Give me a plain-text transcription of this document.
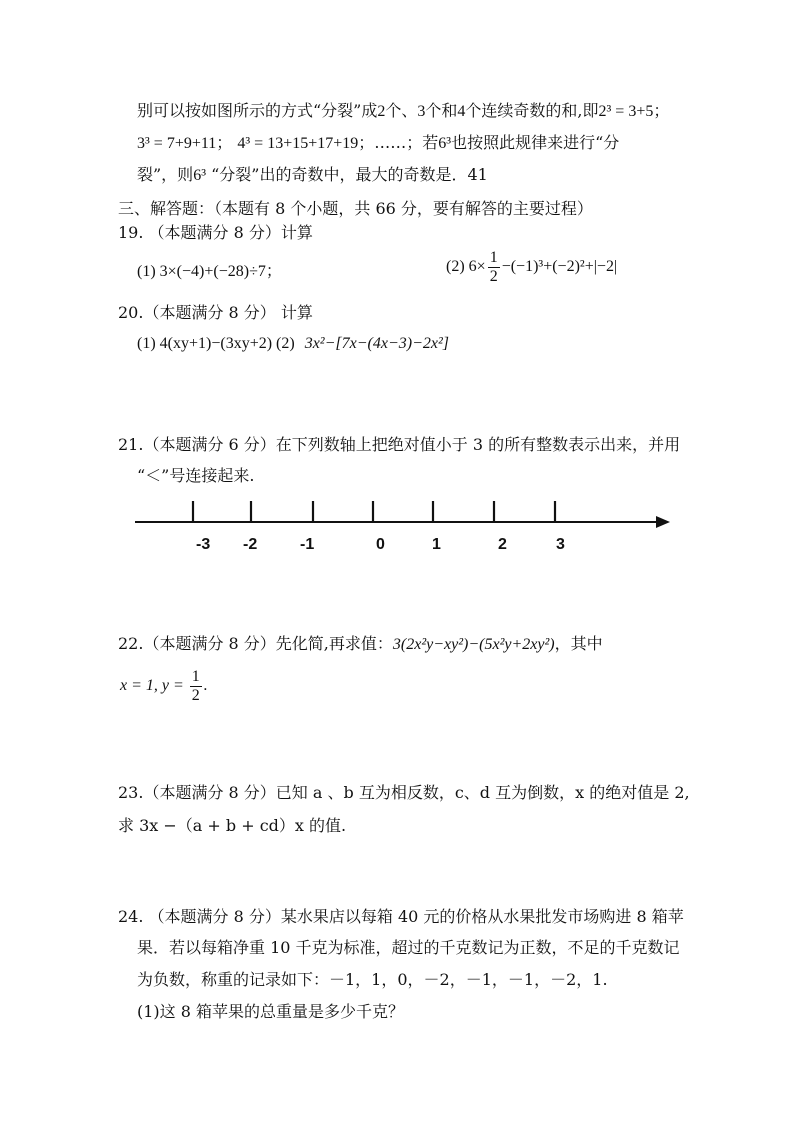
别可以按如图所示的方式“分裂”成2个、3个和4个连续奇数的和,即2³ = 3+5；
3³ = 7+9+11； 4³ = 13+15+17+19；……；若6³也按照此规律来进行“分
裂”，则6³ “分裂”出的奇数中，最大的奇数是．41
三、解答题：（本题有 8 个小题，共 66 分，要有解答的主要过程）
19. （本题满分 8 分）计算
(1) 3×(−4)+(−28)÷7；	(2) $6\times \frac{1}{2} -(-1)^3+(-2)^2+|-2|$
20.（本题满分 8 分） 计算
(1) 4(xy+1)−(3xy+2) (2) 3x²−[7x−(4x−3)−2x²]
21.（本题满分 6 分）在下列数轴上把绝对值小于 3 的所有整数表示出来，并用
“＜”号连接起来.
-3 -2	-1	0	1	2	3
22.（本题满分 8 分）先化简,再求值：3(2x²y−xy²)−(5x²y+2xy²)，其中
x = 1, $y = \frac{1}{2}$ .
23.（本题满分 8 分）已知 a 、b 互为相反数，c、d 互为倒数，x 的绝对值是 2,
求 3x −（a + b + cd）x 的值.
24. （本题满分 8 分）某水果店以每箱 40 元的价格从水果批发市场购进 8 箱苹
果．若以每箱净重 10 千克为标准，超过的千克数记为正数，不足的千克数记
为负数，称重的记录如下：－1，1，0，－2，－1，－1，－2，1.
(1)这 8 箱苹果的总重量是多少千克？
